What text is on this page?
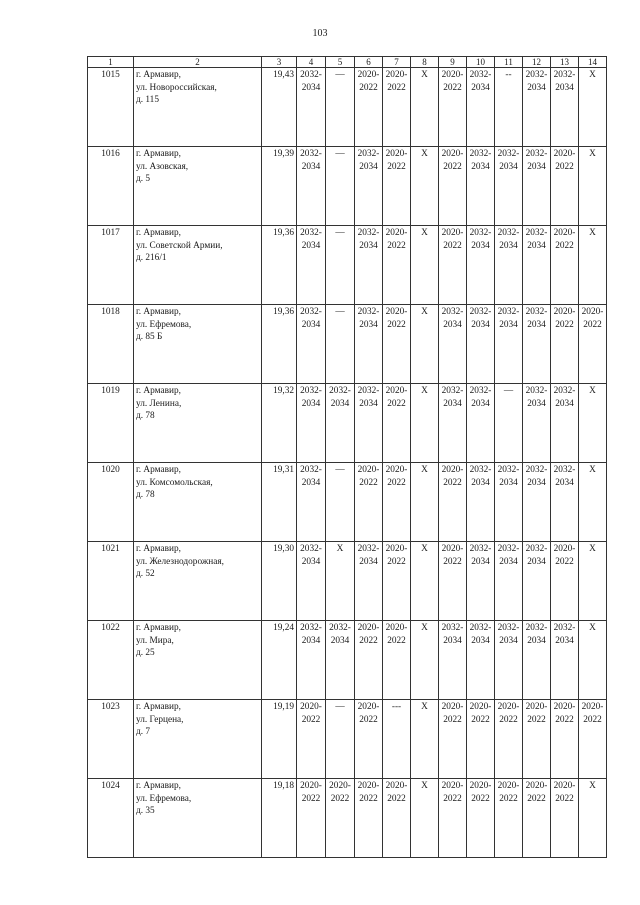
103
1	2	3	4	5	6	7	8	9	10	11	12	13	14
1015	г. Армавир,
ул. Новороссийская,
д. 115	19,43	2032-
2034	—	2020-
2022	2020-
2022	X	2020-
2022	2032-
2034	--	2032-
2034	2032-
2034	X

1016	г. Армавир,
ул. Азовская,
д. 5	19,39	2032-
2034	—	2032-
2034	2020-
2022	X	2020-
2022	2032-
2034	2032-
2034	2032-
2034	2020-
2022	X

1017	г. Армавир,
ул. Советской Армии,
д. 216/1	19,36	2032-
2034	—	2032-
2034	2020-
2022	X	2020-
2022	2032-
2034	2032-
2034	2032-
2034	2020-
2022	X

1018	г. Армавир,
ул. Ефремова,
д. 85 Б	19,36	2032-
2034	—	2032-
2034	2020-
2022	X	2032-
2034	2032-
2034	2032-
2034	2032-
2034	2020-
2022	2020-
2022

1019	г. Армавир,
ул. Ленина,
д. 78	19,32	2032-
2034	2032-
2034	2032-
2034	2020-
2022	X	2032-
2034	2032-
2034	—	2032-
2034	2032-
2034	X

1020	г. Армавир,
ул. Комсомольская,
д. 78	19,31	2032-
2034	—	2020-
2022	2020-
2022	X	2020-
2022	2032-
2034	2032-
2034	2032-
2034	2032-
2034	X

1021	г. Армавир,
ул. Железнодорожная,
д. 52	19,30	2032-
2034	X	2032-
2034	2020-
2022	X	2020-
2022	2032-
2034	2032-
2034	2032-
2034	2020-
2022	X

1022	г. Армавир,
ул. Мира,
д. 25	19,24	2032-
2034	2032-
2034	2020-
2022	2020-
2022	X	2032-
2034	2032-
2034	2032-
2034	2032-
2034	2032-
2034	X

1023	г. Армавир,
ул. Герцена,
д. 7	19,19	2020-
2022	—	2020-
2022	---	X	2020-
2022	2020-
2022	2020-
2022	2020-
2022	2020-
2022	2020-
2022

1024	г. Армавир,
ул. Ефремова,
д. 35	19,18	2020-
2022	2020-
2022	2020-
2022	2020-
2022	X	2020-
2022	2020-
2022	2020-
2022	2020-
2022	2020-
2022	X
